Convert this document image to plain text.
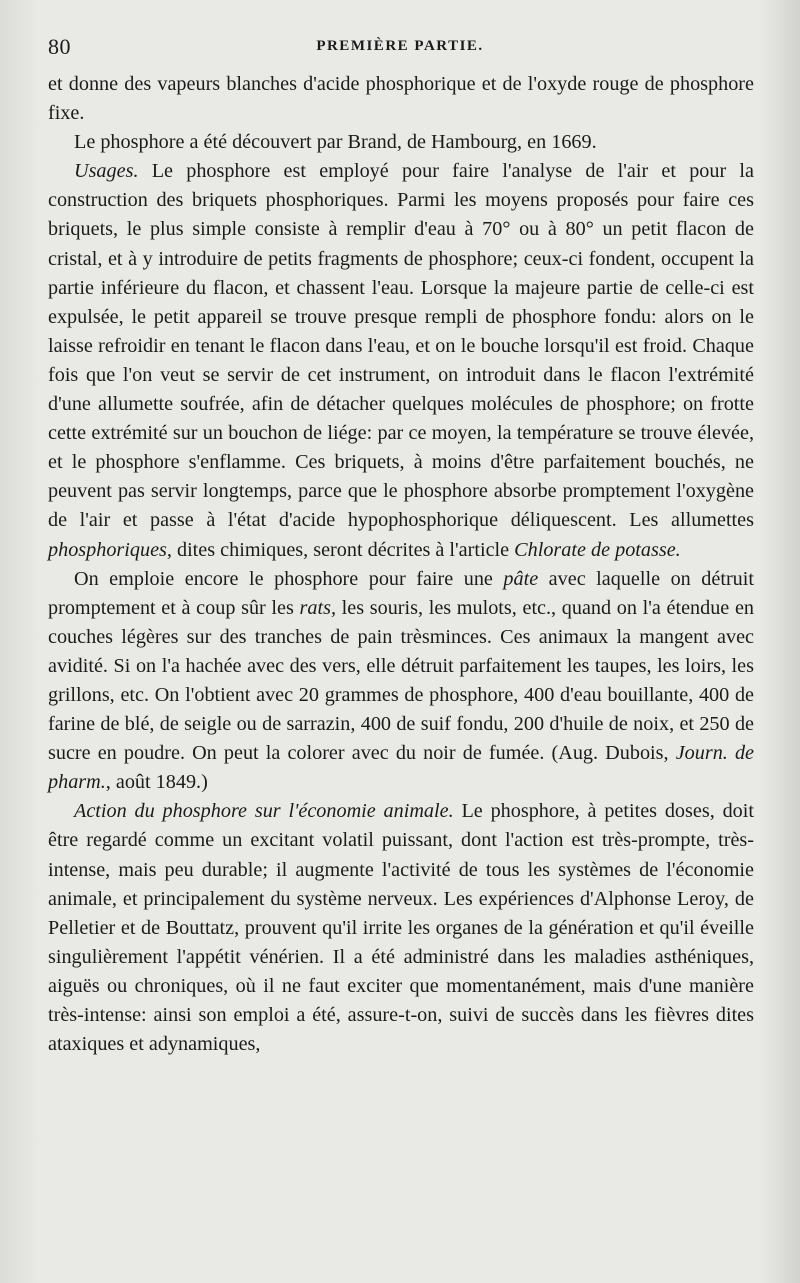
80	PREMIÈRE PARTIE.

et donne des vapeurs blanches d'acide phosphorique et de l'oxyde rouge de phosphore fixe.

Le phosphore a été découvert par Brand, de Hambourg, en 1669.

Usages. Le phosphore est employé pour faire l'analyse de l'air et pour la construction des briquets phosphoriques. Parmi les moyens proposés pour faire ces briquets, le plus simple consiste à remplir d'eau à 70° ou à 80° un petit flacon de cristal, et à y introduire de petits fragments de phosphore; ceux-ci fondent, occupent la partie inférieure du flacon, et chassent l'eau. Lorsque la majeure partie de celle-ci est expulsée, le petit appareil se trouve presque rempli de phosphore fondu: alors on le laisse refroidir en tenant le flacon dans l'eau, et on le bouche lorsqu'il est froid. Chaque fois que l'on veut se servir de cet instrument, on introduit dans le flacon l'extrémité d'une allumette soufrée, afin de détacher quelques molécules de phosphore; on frotte cette extrémité sur un bouchon de liége: par ce moyen, la température se trouve élevée, et le phosphore s'enflamme. Ces briquets, à moins d'être parfaitement bouchés, ne peuvent pas servir longtemps, parce que le phosphore absorbe promptement l'oxygène de l'air et passe à l'état d'acide hypophosphorique déliquescent. Les allumettes phosphoriques, dites chimiques, seront décrites à l'article Chlorate de potasse.

On emploie encore le phosphore pour faire une pâte avec laquelle on détruit promptement et à coup sûr les rats, les souris, les mulots, etc., quand on l'a étendue en couches légères sur des tranches de pain trèsminces. Ces animaux la mangent avec avidité. Si on l'a hachée avec des vers, elle détruit parfaitement les taupes, les loirs, les grillons, etc. On l'obtient avec 20 grammes de phosphore, 400 d'eau bouillante, 400 de farine de blé, de seigle ou de sarrazin, 400 de suif fondu, 200 d'huile de noix, et 250 de sucre en poudre. On peut la colorer avec du noir de fumée. (Aug. Dubois, Journ. de pharm., août 1849.)

Action du phosphore sur l'économie animale. Le phosphore, à petites doses, doit être regardé comme un excitant volatil puissant, dont l'action est très-prompte, très-intense, mais peu durable; il augmente l'activité de tous les systèmes de l'économie animale, et principalement du système nerveux. Les expériences d'Alphonse Leroy, de Pelletier et de Bouttatz, prouvent qu'il irrite les organes de la génération et qu'il éveille singulièrement l'appétit vénérien. Il a été administré dans les maladies asthéniques, aiguës ou chroniques, où il ne faut exciter que momentanément, mais d'une manière très-intense: ainsi son emploi a été, assure-t-on, suivi de succès dans les fièvres dites ataxiques et adynamiques,
